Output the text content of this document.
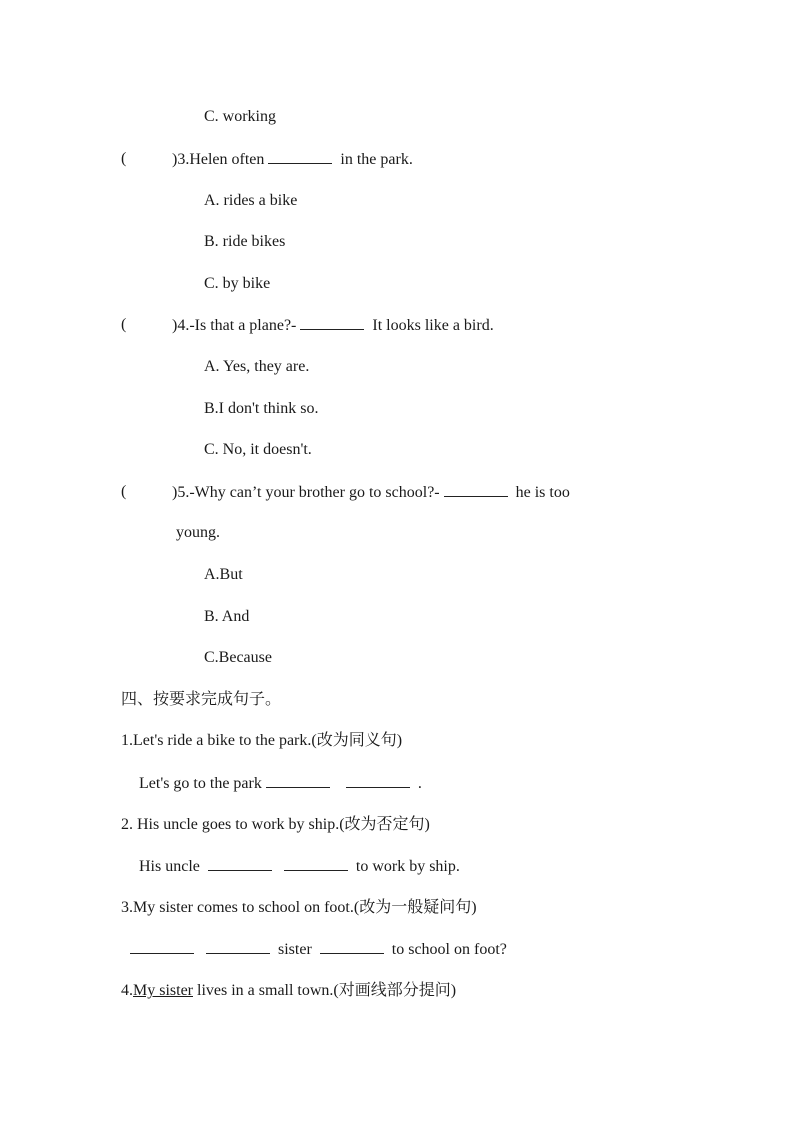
C. working
(	)3.Helen often	in the park.
A. rides a bike
B. ride bikes
C. by bike
(	)4.-Is that a plane?-	It looks like a bird.
A. Yes, they are.
B.I don't think so.
C. No, it doesn't.
(	)5.-Why can’t your brother go to school?-	he is too
young.
A.But
B. And
C.Because
四、按要求完成句子。
1.Let's ride a bike to the park.(改为同义句)
Let's go to the park	.
2. His uncle goes to work by ship.(改为否定句)
His uncle	to work by ship.
3.My sister comes to school on foot.(改为一般疑问句)
sister	to school on foot?
4.My sister lives in a small town.(对画线部分提问)
